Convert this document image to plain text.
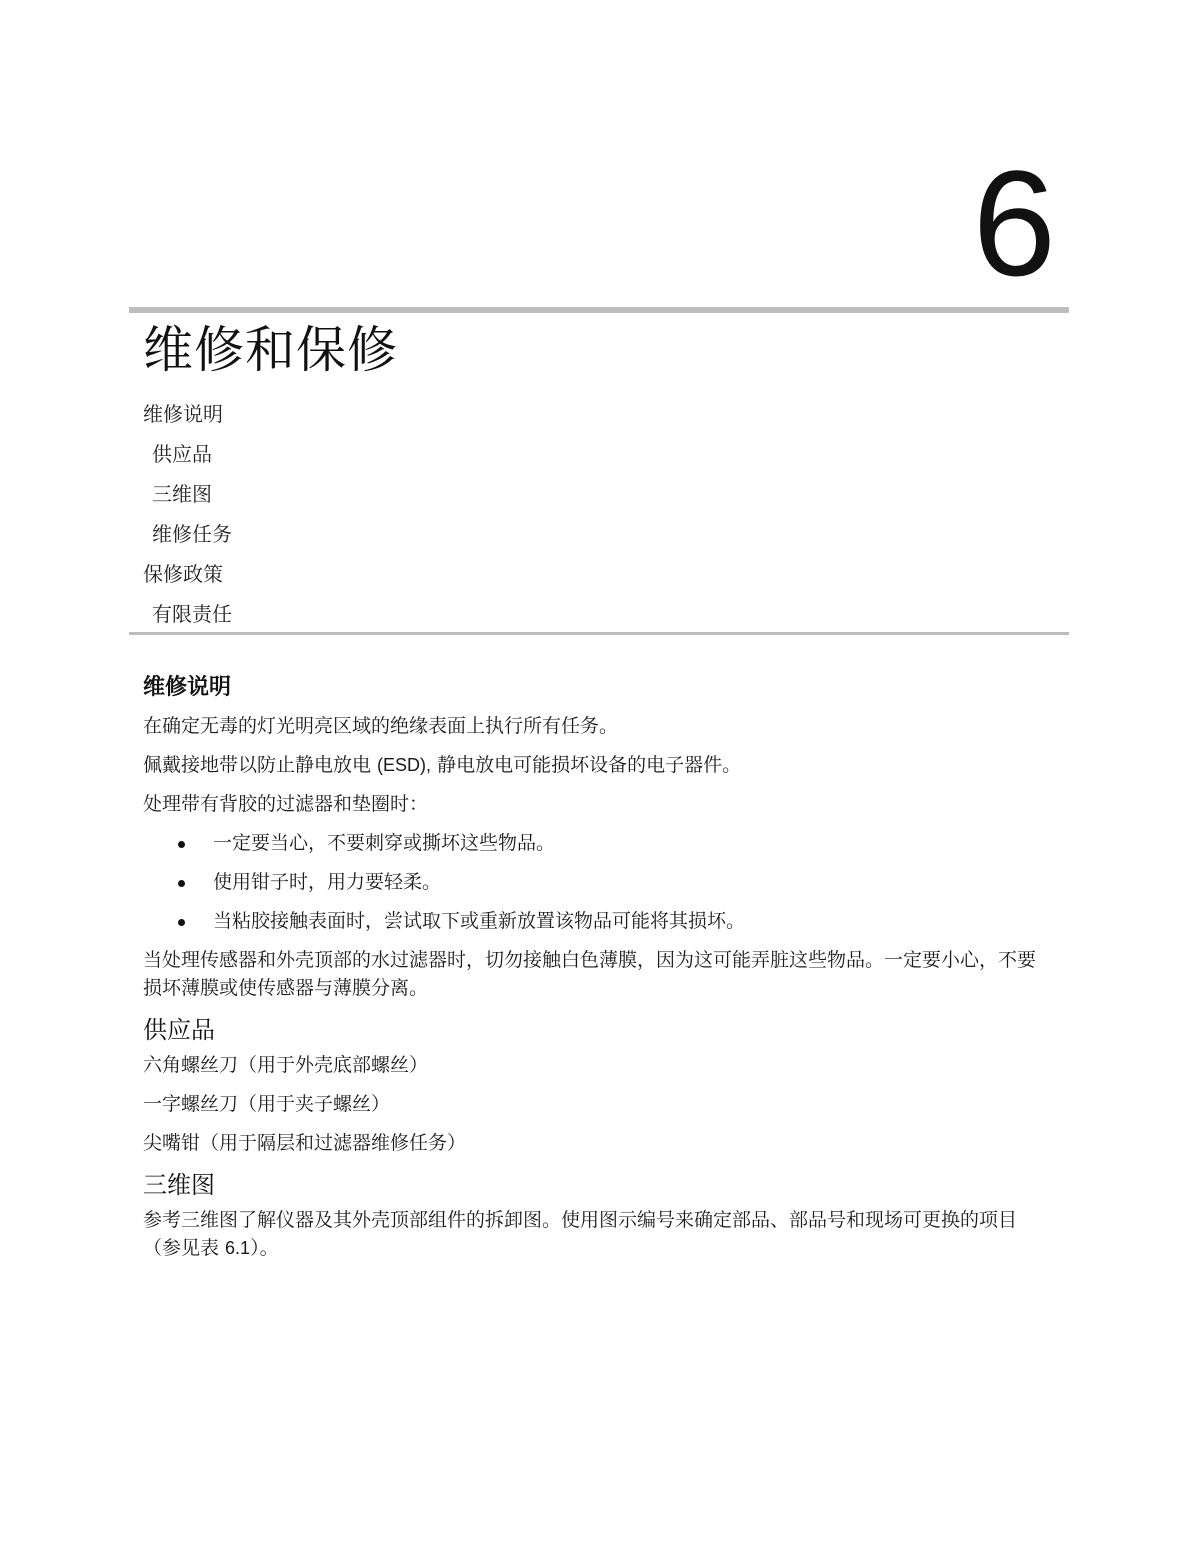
6
维修和保修
维修说明
供应品
三维图
维修任务
保修政策
有限责任
维修说明

在确定无毒的灯光明亮区域的绝缘表面上执行所有任务。

佩戴接地带以防止静电放电 (ESD), 静电放电可能损坏设备的电子器件。

处理带有背胶的过滤器和垫圈时：

一定要当心，不要刺穿或撕坏这些物品。
使用钳子时，用力要轻柔。
当粘胶接触表面时，尝试取下或重新放置该物品可能将其损坏。

当处理传感器和外壳顶部的水过滤器时，切勿接触白色薄膜，因为这可能弄脏这些物品。一定要小心，不要损坏薄膜或使传感器与薄膜分离。

供应品

六角螺丝刀（用于外壳底部螺丝）

一字螺丝刀（用于夹子螺丝）

尖嘴钳（用于隔层和过滤器维修任务）

三维图

参考三维图了解仪器及其外壳顶部组件的拆卸图。使用图示编号来确定部品、部品号和现场可更换的项目（参见表 6.1）。
